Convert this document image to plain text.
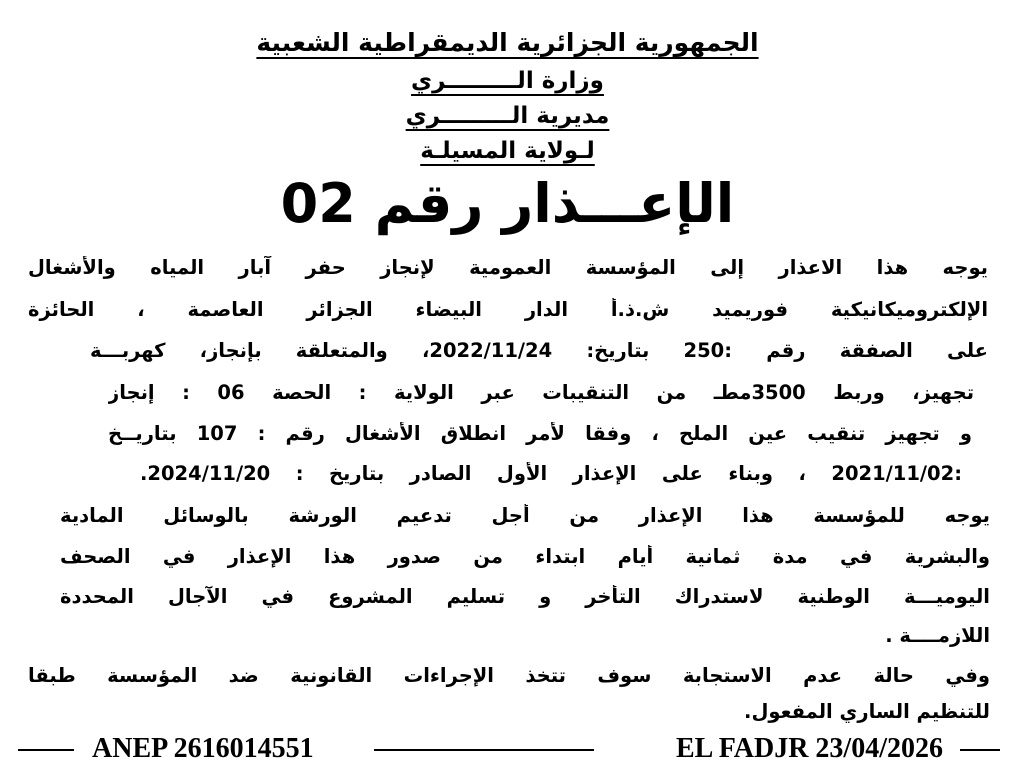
الجمهورية الجزائرية الديمقراطية الشعبية
وزارة الـــــــــري
مديرية الـــــــــري
لـولاية المسيلـة
الإعـــذار رقم 02
يوجه هذا الاعذار إلى المؤسسة العمومية لإنجاز حفر آبار المياه والأشغال
الإلكتروميكانيكية فوريميد ش.ذ.أ الدار البيضاء الجزائر العاصمة ، الحائزة
على الصفقة رقم :250 بتاريخ: 2022/11/24، والمتعلقة بإنجاز، كهربـــة
تجهيز، وربط 3500مطـ من التنقيبات عبر الولاية : الحصة 06 : إنجاز
و تجهيز تنقيب عين الملح ، وفقا لأمر انطلاق الأشغال رقم : 107 بتاريــخ
:2021/11/02 ، وبناء على الإعذار الأول الصادر بتاريخ : 2024/11/20.
يوجه للمؤسسة هذا الإعذار من أجل تدعيم الورشة بالوسائل المادية
والبشرية في مدة ثمانية أيام ابتداء من صدور هذا الإعذار في الصحف
اليوميـــة الوطنية لاستدراك التأخر و تسليم المشروع في الآجال المحددة
اللازمــــة .
وفي حالة عدم الاستجابة سوف تتخذ الإجراءات القانونية ضد المؤسسة طبقا
للتنظيم الساري المفعول.
ANEP 2616014551	EL FADJR 23/04/2026
